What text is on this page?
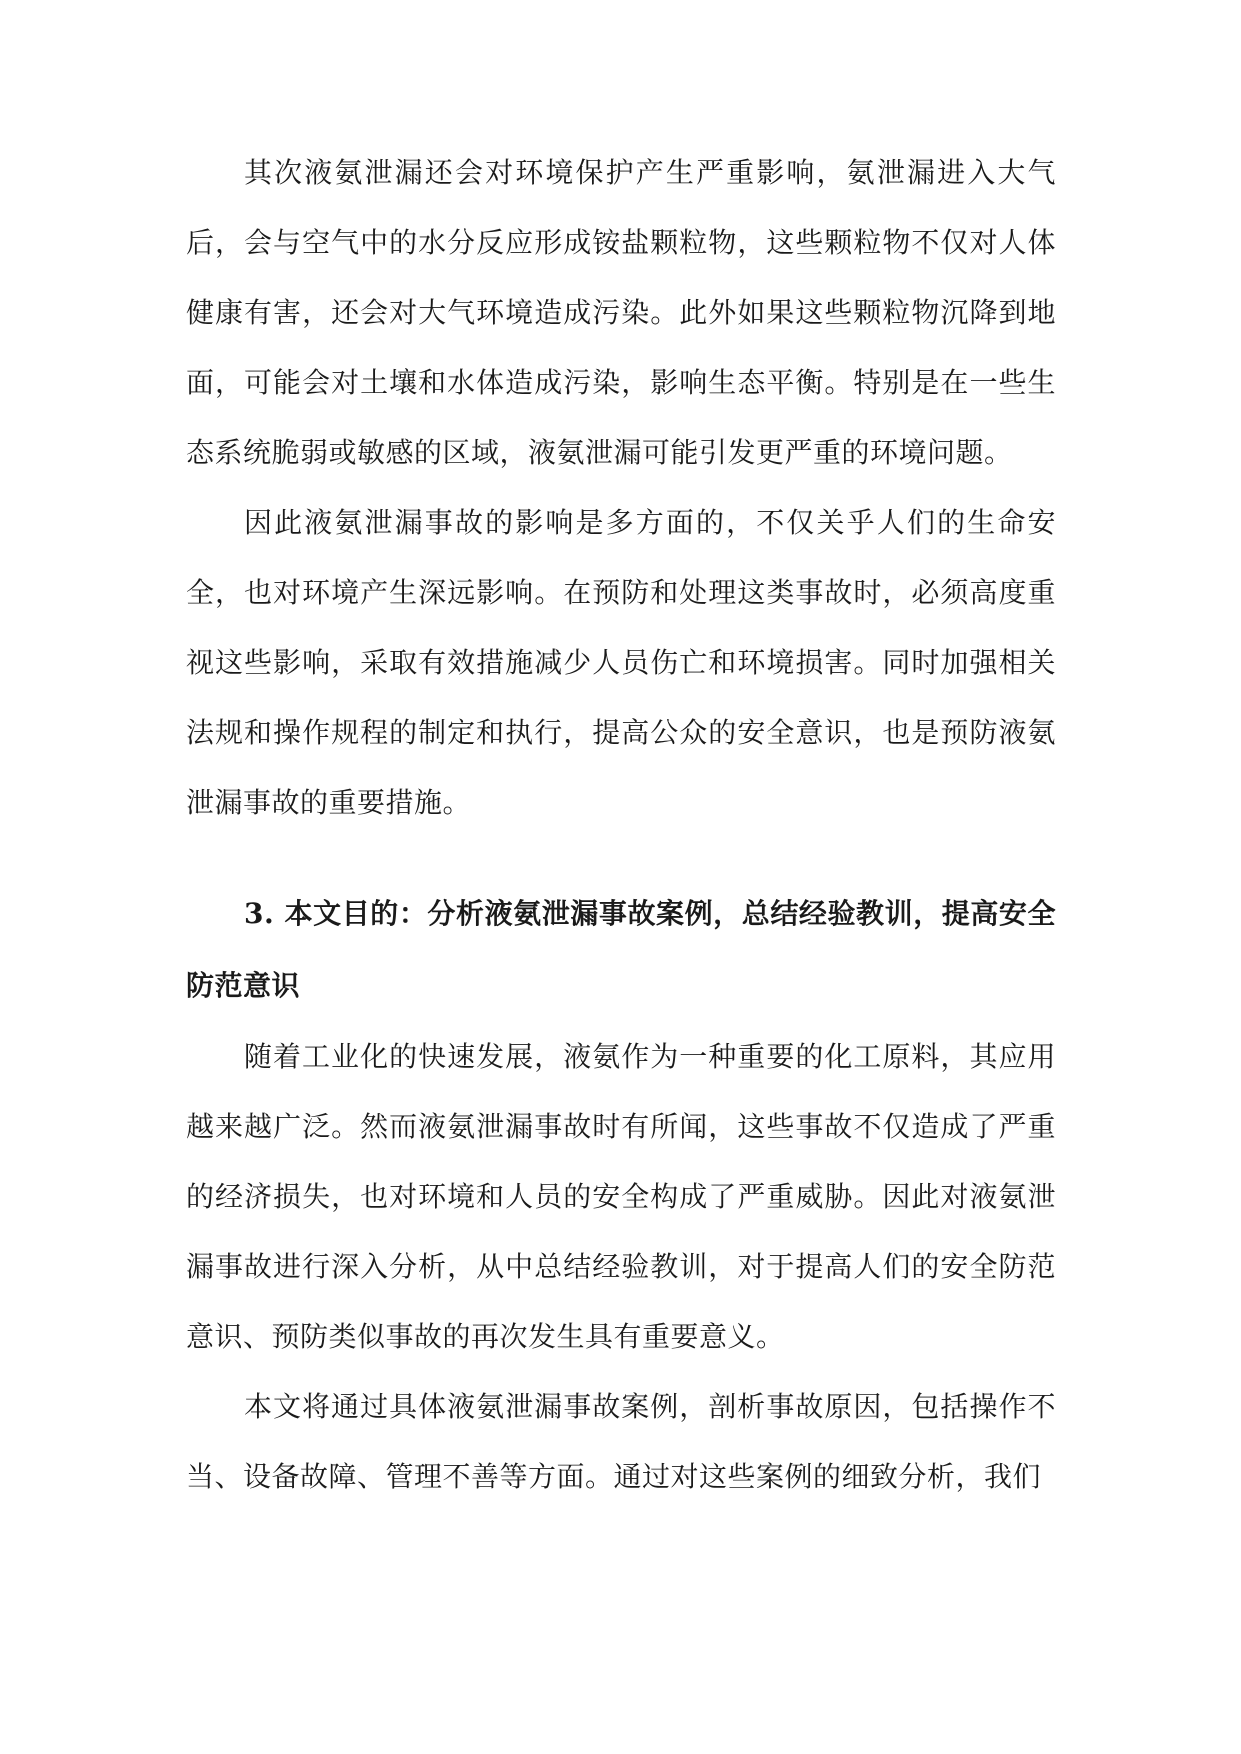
其次液氨泄漏还会对环境保护产生严重影响，氨泄漏进入大气后，会与空气中的水分反应形成铵盐颗粒物，这些颗粒物不仅对人体健康有害，还会对大气环境造成污染。此外如果这些颗粒物沉降到地面，可能会对土壤和水体造成污染，影响生态平衡。特别是在一些生态系统脆弱或敏感的区域，液氨泄漏可能引发更严重的环境问题。

因此液氨泄漏事故的影响是多方面的，不仅关乎人们的生命安全，也对环境产生深远影响。在预防和处理这类事故时，必须高度重视这些影响，采取有效措施减少人员伤亡和环境损害。同时加强相关法规和操作规程的制定和执行，提高公众的安全意识，也是预防液氨泄漏事故的重要措施。

3. 本文目的：分析液氨泄漏事故案例，总结经验教训，提高安全防范意识

随着工业化的快速发展，液氨作为一种重要的化工原料，其应用越来越广泛。然而液氨泄漏事故时有所闻，这些事故不仅造成了严重的经济损失，也对环境和人员的安全构成了严重威胁。因此对液氨泄漏事故进行深入分析，从中总结经验教训，对于提高人们的安全防范意识、预防类似事故的再次发生具有重要意义。

本文将通过具体液氨泄漏事故案例，剖析事故原因，包括操作不当、设备故障、管理不善等方面。通过对这些案例的细致分析，我们
